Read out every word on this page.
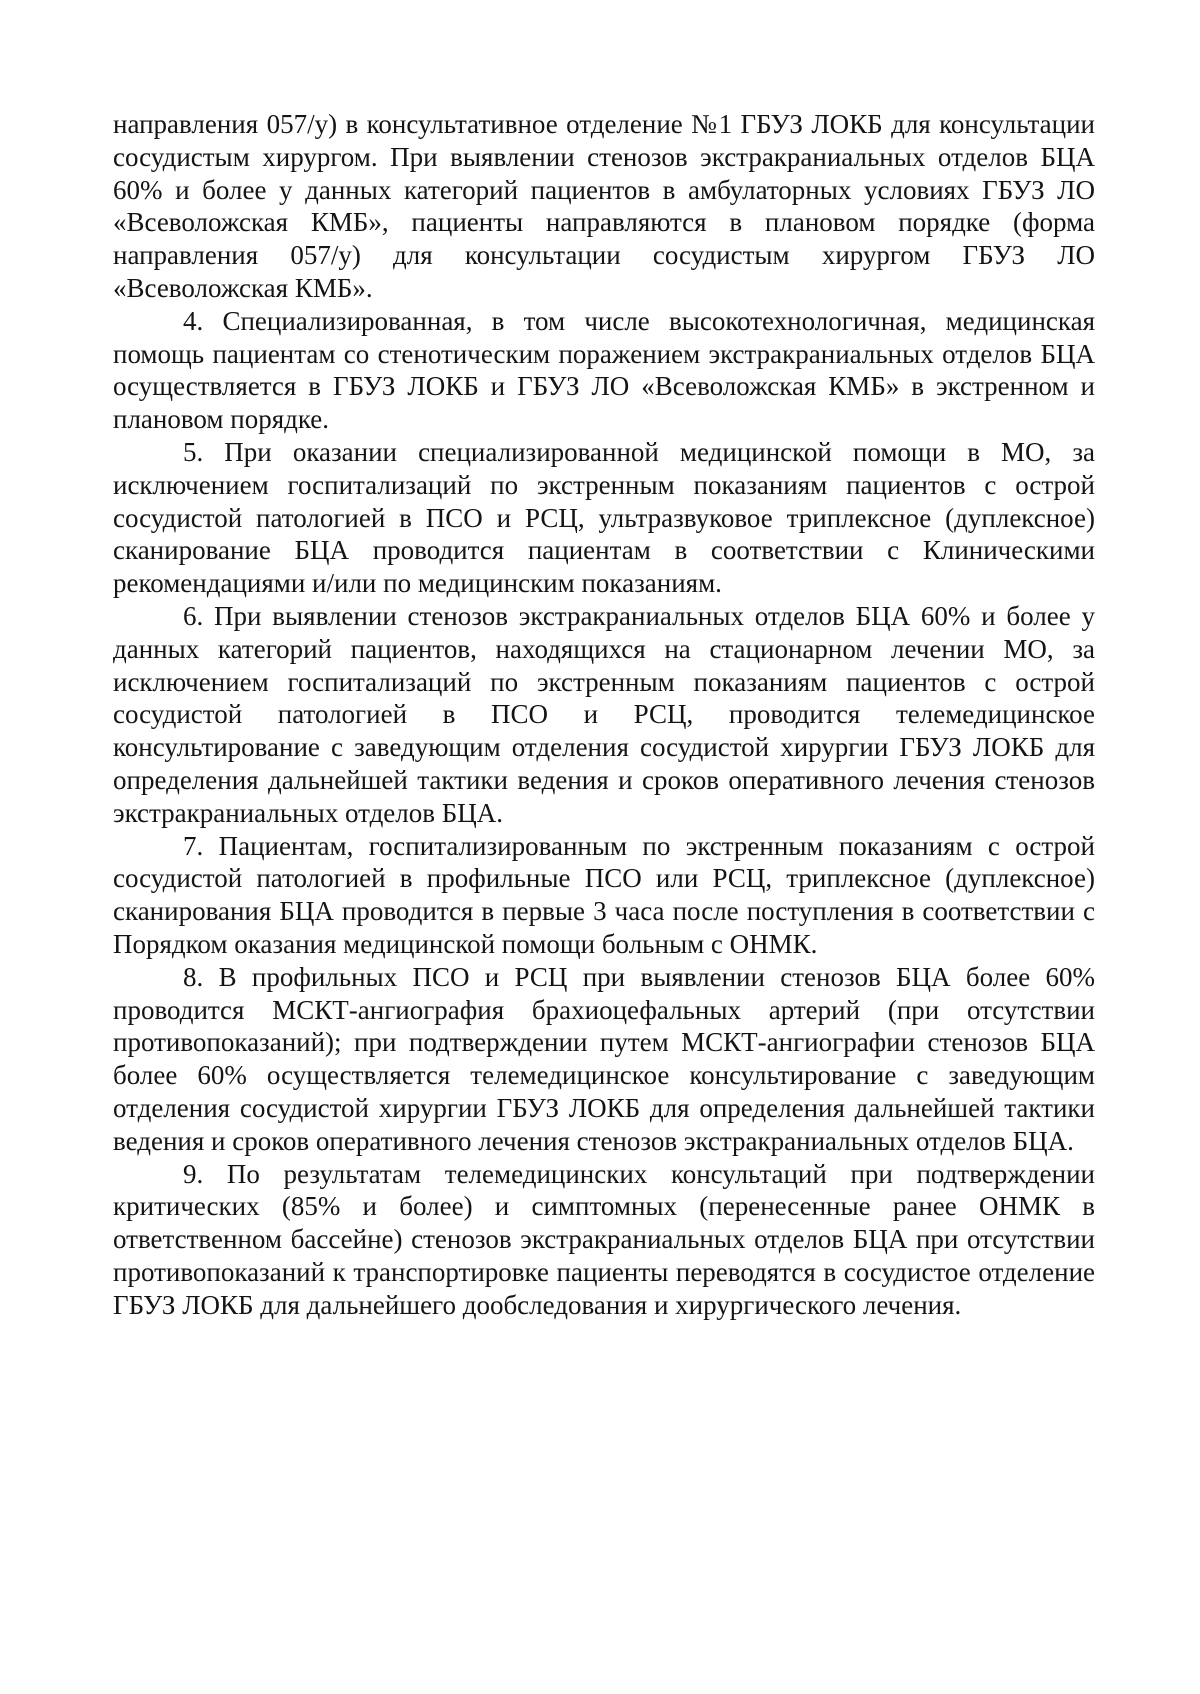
направления 057/у) в консультативное отделение №1 ГБУЗ ЛОКБ для консультации сосудистым хирургом. При выявлении стенозов экстракраниальных отделов БЦА 60% и более у данных категорий пациентов в амбулаторных условиях ГБУЗ ЛО «Всеволожская КМБ», пациенты направляются в плановом порядке (форма направления 057/у) для консультации сосудистым хирургом ГБУЗ ЛО «Всеволожская КМБ».

4. Специализированная, в том числе высокотехнологичная, медицинская помощь пациентам со стенотическим поражением экстракраниальных отделов БЦА осуществляется в ГБУЗ ЛОКБ и ГБУЗ ЛО «Всеволожская КМБ» в экстренном и плановом порядке.

5. При оказании специализированной медицинской помощи в МО, за исключением госпитализаций по экстренным показаниям пациентов с острой сосудистой патологией в ПСО и РСЦ, ультразвуковое триплексное (дуплексное) сканирование БЦА проводится пациентам в соответствии с Клиническими рекомендациями и/или по медицинским показаниям.

6. При выявлении стенозов экстракраниальных отделов БЦА 60% и более у данных категорий пациентов, находящихся на стационарном лечении МО, за исключением госпитализаций по экстренным показаниям пациентов с острой сосудистой патологией в ПСО и РСЦ, проводится телемедицинское консультирование с заведующим отделения сосудистой хирургии ГБУЗ ЛОКБ для определения дальнейшей тактики ведения и сроков оперативного лечения стенозов экстракраниальных отделов БЦА.

7. Пациентам, госпитализированным по экстренным показаниям с острой сосудистой патологией в профильные ПСО или РСЦ, триплексное (дуплексное) сканирования БЦА проводится в первые 3 часа после поступления в соответствии с Порядком оказания медицинской помощи больным с ОНМК.

8. В профильных ПСО и РСЦ при выявлении стенозов БЦА более 60% проводится МСКТ-ангиография брахиоцефальных артерий (при отсутствии противопоказаний); при подтверждении путем МСКТ-ангиографии стенозов БЦА более 60% осуществляется телемедицинское консультирование с заведующим отделения сосудистой хирургии ГБУЗ ЛОКБ для определения дальнейшей тактики ведения и сроков оперативного лечения стенозов экстракраниальных отделов БЦА.

9. По результатам телемедицинских консультаций при подтверждении критических (85% и более) и симптомных (перенесенные ранее ОНМК в ответственном бассейне) стенозов экстракраниальных отделов БЦА при отсутствии противопоказаний к транспортировке пациенты переводятся в сосудистое отделение ГБУЗ ЛОКБ для дальнейшего дообследования и хирургического лечения.
